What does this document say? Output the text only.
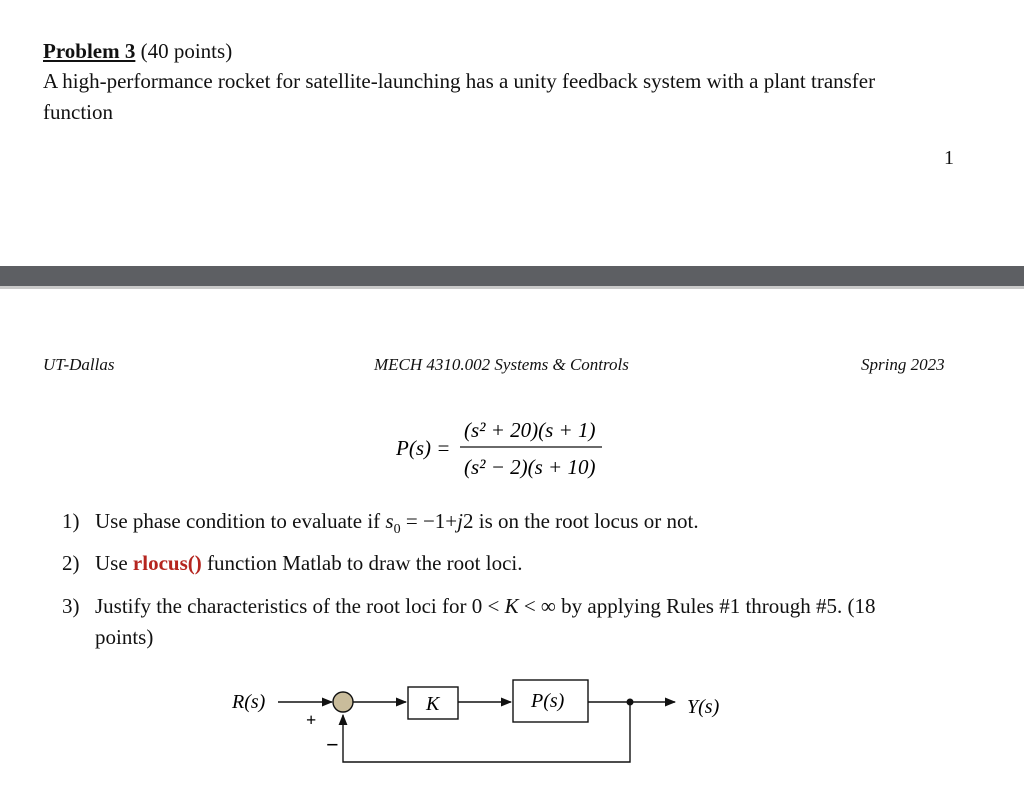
Problem 3 (40 points)
A high-performance rocket for satellite-launching has a unity feedback system with a plant transfer
function
1
UT-Dallas	MECH 4310.002 Systems & Controls	Spring 2023
P(s) =
(s² + 20)(s + 1)
(s² − 2)(s + 10)
1) Use phase condition to evaluate if $s_0 = -1+j2$ is on the root locus or not.
2) Use rlocus() function Matlab to draw the root loci.
3) Justify the characteristics of the root loci for 0 < K < ∞ by applying Rules #1 through #5. (18
points)
R(s)
+
−
K	P(s)	Y(s)
